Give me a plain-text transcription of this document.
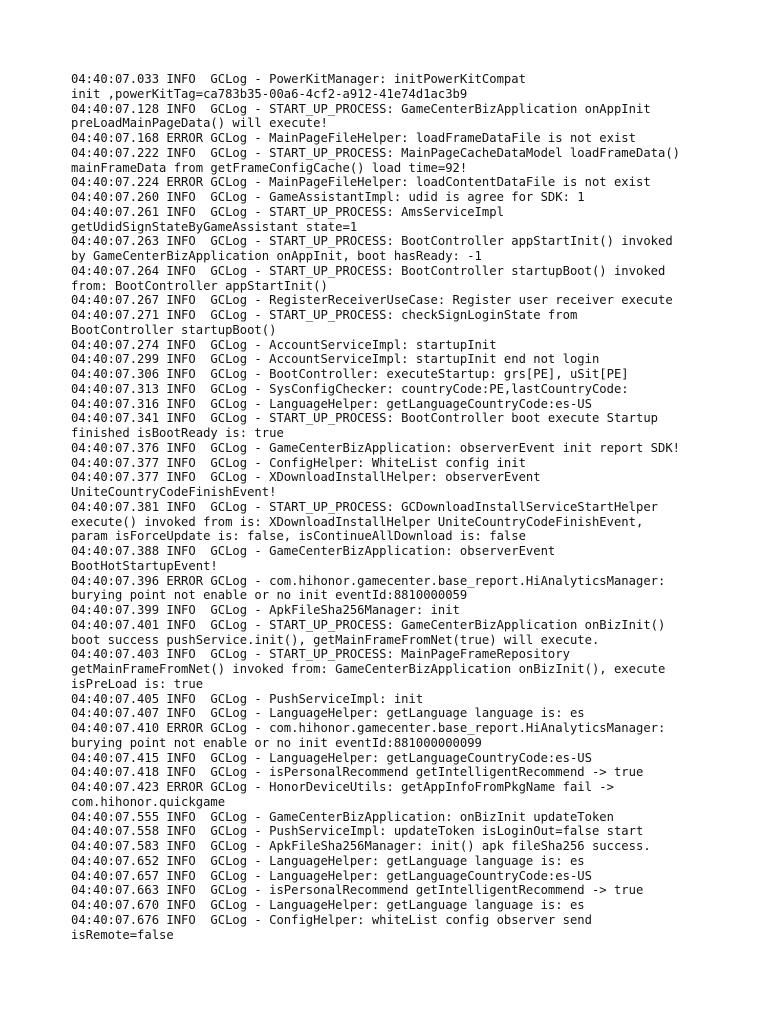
04:40:07.033 INFO  GCLog - PowerKitManager: initPowerKitCompat
init ,powerKitTag=ca783b35-00a6-4cf2-a912-41e74d1ac3b9
04:40:07.128 INFO  GCLog - START_UP_PROCESS: GameCenterBizApplication onAppInit
preLoadMainPageData() will execute!
04:40:07.168 ERROR GCLog - MainPageFileHelper: loadFrameDataFile is not exist
04:40:07.222 INFO  GCLog - START_UP_PROCESS: MainPageCacheDataModel loadFrameData()
mainFrameData from getFrameConfigCache() load time=92!
04:40:07.224 ERROR GCLog - MainPageFileHelper: loadContentDataFile is not exist
04:40:07.260 INFO  GCLog - GameAssistantImpl: udid is agree for SDK: 1
04:40:07.261 INFO  GCLog - START_UP_PROCESS: AmsServiceImpl
getUdidSignStateByGameAssistant state=1
04:40:07.263 INFO  GCLog - START_UP_PROCESS: BootController appStartInit() invoked
by GameCenterBizApplication onAppInit, boot hasReady: -1
04:40:07.264 INFO  GCLog - START_UP_PROCESS: BootController startupBoot() invoked
from: BootController appStartInit()
04:40:07.267 INFO  GCLog - RegisterReceiverUseCase: Register user receiver execute
04:40:07.271 INFO  GCLog - START_UP_PROCESS: checkSignLoginState from
BootController startupBoot()
04:40:07.274 INFO  GCLog - AccountServiceImpl: startupInit
04:40:07.299 INFO  GCLog - AccountServiceImpl: startupInit end not login
04:40:07.306 INFO  GCLog - BootController: executeStartup: grs[PE], uSit[PE]
04:40:07.313 INFO  GCLog - SysConfigChecker: countryCode:PE,lastCountryCode:
04:40:07.316 INFO  GCLog - LanguageHelper: getLanguageCountryCode:es-US
04:40:07.341 INFO  GCLog - START_UP_PROCESS: BootController boot execute Startup
finished isBootReady is: true
04:40:07.376 INFO  GCLog - GameCenterBizApplication: observerEvent init report SDK!
04:40:07.377 INFO  GCLog - ConfigHelper: WhiteList config init
04:40:07.377 INFO  GCLog - XDownloadInstallHelper: observerEvent
UniteCountryCodeFinishEvent!
04:40:07.381 INFO  GCLog - START_UP_PROCESS: GCDownloadInstallServiceStartHelper
execute() invoked from is: XDownloadInstallHelper UniteCountryCodeFinishEvent,
param isForceUpdate is: false, isContinueAllDownload is: false
04:40:07.388 INFO  GCLog - GameCenterBizApplication: observerEvent
BootHotStartupEvent!
04:40:07.396 ERROR GCLog - com.hihonor.gamecenter.base_report.HiAnalyticsManager:
burying point not enable or no init eventId:8810000059
04:40:07.399 INFO  GCLog - ApkFileSha256Manager: init
04:40:07.401 INFO  GCLog - START_UP_PROCESS: GameCenterBizApplication onBizInit()
boot success pushService.init(), getMainFrameFromNet(true) will execute.
04:40:07.403 INFO  GCLog - START_UP_PROCESS: MainPageFrameRepository
getMainFrameFromNet() invoked from: GameCenterBizApplication onBizInit(), execute
isPreLoad is: true
04:40:07.405 INFO  GCLog - PushServiceImpl: init
04:40:07.407 INFO  GCLog - LanguageHelper: getLanguage language is: es
04:40:07.410 ERROR GCLog - com.hihonor.gamecenter.base_report.HiAnalyticsManager:
burying point not enable or no init eventId:881000000099
04:40:07.415 INFO  GCLog - LanguageHelper: getLanguageCountryCode:es-US
04:40:07.418 INFO  GCLog - isPersonalRecommend getIntelligentRecommend -> true
04:40:07.423 ERROR GCLog - HonorDeviceUtils: getAppInfoFromPkgName fail ->
com.hihonor.quickgame
04:40:07.555 INFO  GCLog - GameCenterBizApplication: onBizInit updateToken
04:40:07.558 INFO  GCLog - PushServiceImpl: updateToken isLoginOut=false start
04:40:07.583 INFO  GCLog - ApkFileSha256Manager: init() apk fileSha256 success.
04:40:07.652 INFO  GCLog - LanguageHelper: getLanguage language is: es
04:40:07.657 INFO  GCLog - LanguageHelper: getLanguageCountryCode:es-US
04:40:07.663 INFO  GCLog - isPersonalRecommend getIntelligentRecommend -> true
04:40:07.670 INFO  GCLog - LanguageHelper: getLanguage language is: es
04:40:07.676 INFO  GCLog - ConfigHelper: whiteList config observer send
isRemote=false
